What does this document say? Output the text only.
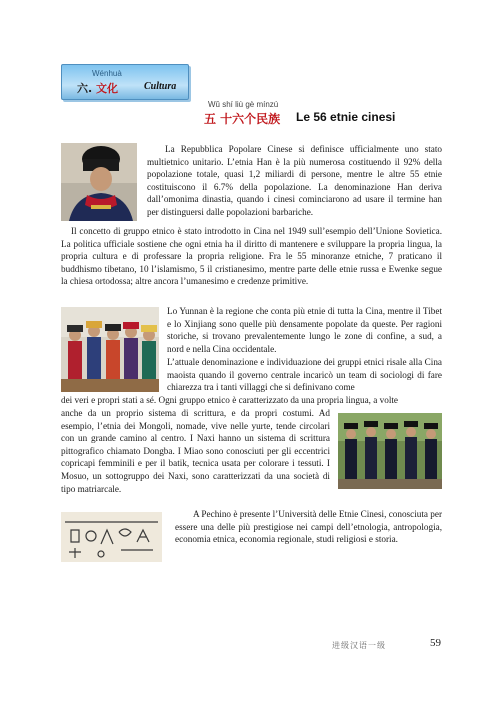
Wénhuà
六. 文化	Cultura
Wǔ shí liù gè mínzú
五 十六个民族 Le 56 etnie cinesi

La Repubblica Popolare Cinese si definisce ufficialmente uno stato multietnico unitario. L’etnia Han è la più numerosa costituendo il 92% della popolazione totale, quasi 1,2 miliardi di persone, mentre le altre 55 etnie costituiscono il 6.7% della popolazione. La denominazione Han deriva dall’omonima dinastia, quando i cinesi cominciarono ad usare il termine han per distinguersi dalle popolazioni barbariche.

Il concetto di gruppo etnico è stato introdotto in Cina nel 1949 sull’esempio dell’Unione Sovietica. La politica ufficiale sostiene che ogni etnia ha il diritto di mantenere e sviluppare la propria lingua, la propria cultura e di professare la propria religione. Fra le 55 minoranze etniche, 7 praticano il buddhismo tibetano, 10 l’islamismo, 5 il cristianesimo, mentre parte delle etnie russa e Ewenke segue la chiesa ortodossa; altre ancora l’umanesimo e credenze primitive.

Lo Yunnan è la regione che conta più etnie di tutta la Cina, mentre il Tibet e lo Xinjiang sono quelle più densamente popolate da queste. Per ragioni storiche, si trovano prevalentemente lungo le zone di confine, a sud, a nord e nella Cina occidentale.

L’attuale denominazione e individuazione dei gruppi etnici risale alla Cina maoista quando il governo centrale incaricò un team di sociologi di fare chiarezza tra i tanti villaggi che si definivano come

dei veri e propri stati a sé. Ogni gruppo etnico è caratterizzato da una propria lingua, a volte

anche da un proprio sistema di scrittura, e da propri costumi. Ad esempio, l’etnia dei Mongoli, nomade, vive nelle yurte, tende circolari con un grande camino al centro. I Naxi hanno un sistema di scrittura pittografico chiamato Dongba. I Miao sono conosciuti per gli eccentrici copricapi femminili e per il batik, tecnica usata per colorare i tessuti. I Mosuo, un sottogruppo dei Naxi, sono caratterizzati da una società di tipo matriarcale.

A Pechino è presente l’Università delle Etnie Cinesi, conosciuta per essere una delle più prestigiose nei campi dell’etnologia, antropologia, economia etnica, economia regionale, studi religiosi e storia.

进级汉语一级	59
